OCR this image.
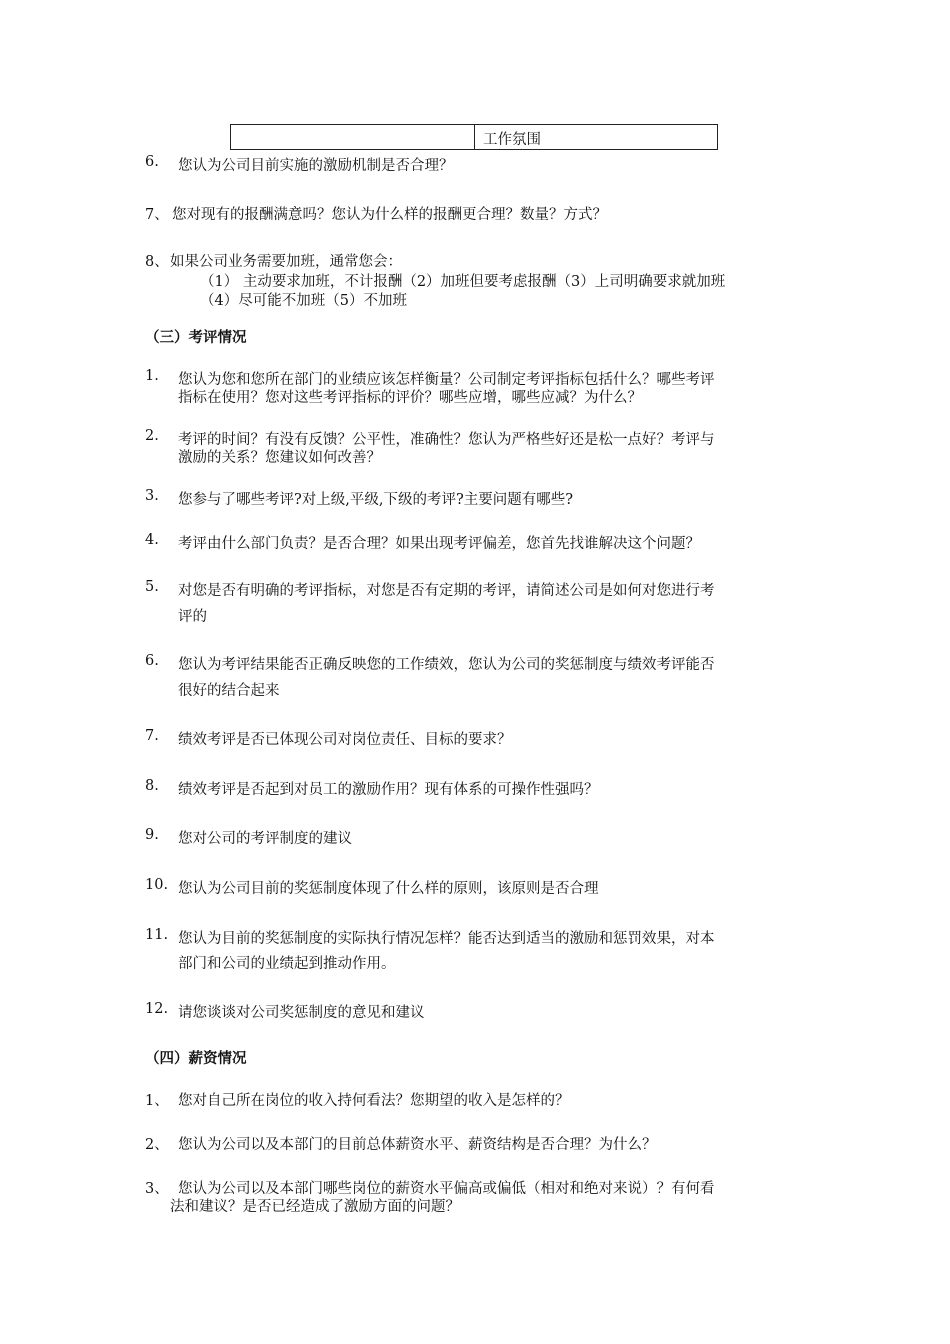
工作氛围
6. 您认为公司目前实施的激励机制是否合理？
7、 您对现有的报酬满意吗？您认为什么样的报酬更合理？数量？方式？
8、 如果公司业务需要加班，通常您会：
（1） 主动要求加班，不计报酬（2）加班但要考虑报酬（3）上司明确要求就加班
（4）尽可能不加班（5）不加班
（三）考评情况
1. 您认为您和您所在部门的业绩应该怎样衡量？公司制定考评指标包括什么？哪些考评
指标在使用？您对这些考评指标的评价？哪些应增，哪些应减？为什么？
2. 考评的时间？有没有反馈？公平性，准确性？您认为严格些好还是松一点好？考评与
激励的关系？您建议如何改善？
3. 您参与了哪些考评?对上级,平级,下级的考评?主要问题有哪些?
4. 考评由什么部门负责？是否合理？如果出现考评偏差，您首先找谁解决这个问题？
5. 对您是否有明确的考评指标，对您是否有定期的考评，请简述公司是如何对您进行考
评的
6. 您认为考评结果能否正确反映您的工作绩效，您认为公司的奖惩制度与绩效考评能否
很好的结合起来
7. 绩效考评是否已体现公司对岗位责任、目标的要求？
8. 绩效考评是否起到对员工的激励作用？现有体系的可操作性强吗？
9. 您对公司的考评制度的建议
10. 您认为公司目前的奖惩制度体现了什么样的原则，该原则是否合理
11. 您认为目前的奖惩制度的实际执行情况怎样？能否达到适当的激励和惩罚效果，对本
部门和公司的业绩起到推动作用。
12. 请您谈谈对公司奖惩制度的意见和建议
（四）薪资情况
1、 您对自己所在岗位的收入持何看法？您期望的收入是怎样的？
2、 您认为公司以及本部门的目前总体薪资水平、薪资结构是否合理？为什么？
3、 您认为公司以及本部门哪些岗位的薪资水平偏高或偏低（相对和绝对来说）？有何看
法和建议？是否已经造成了激励方面的问题？
